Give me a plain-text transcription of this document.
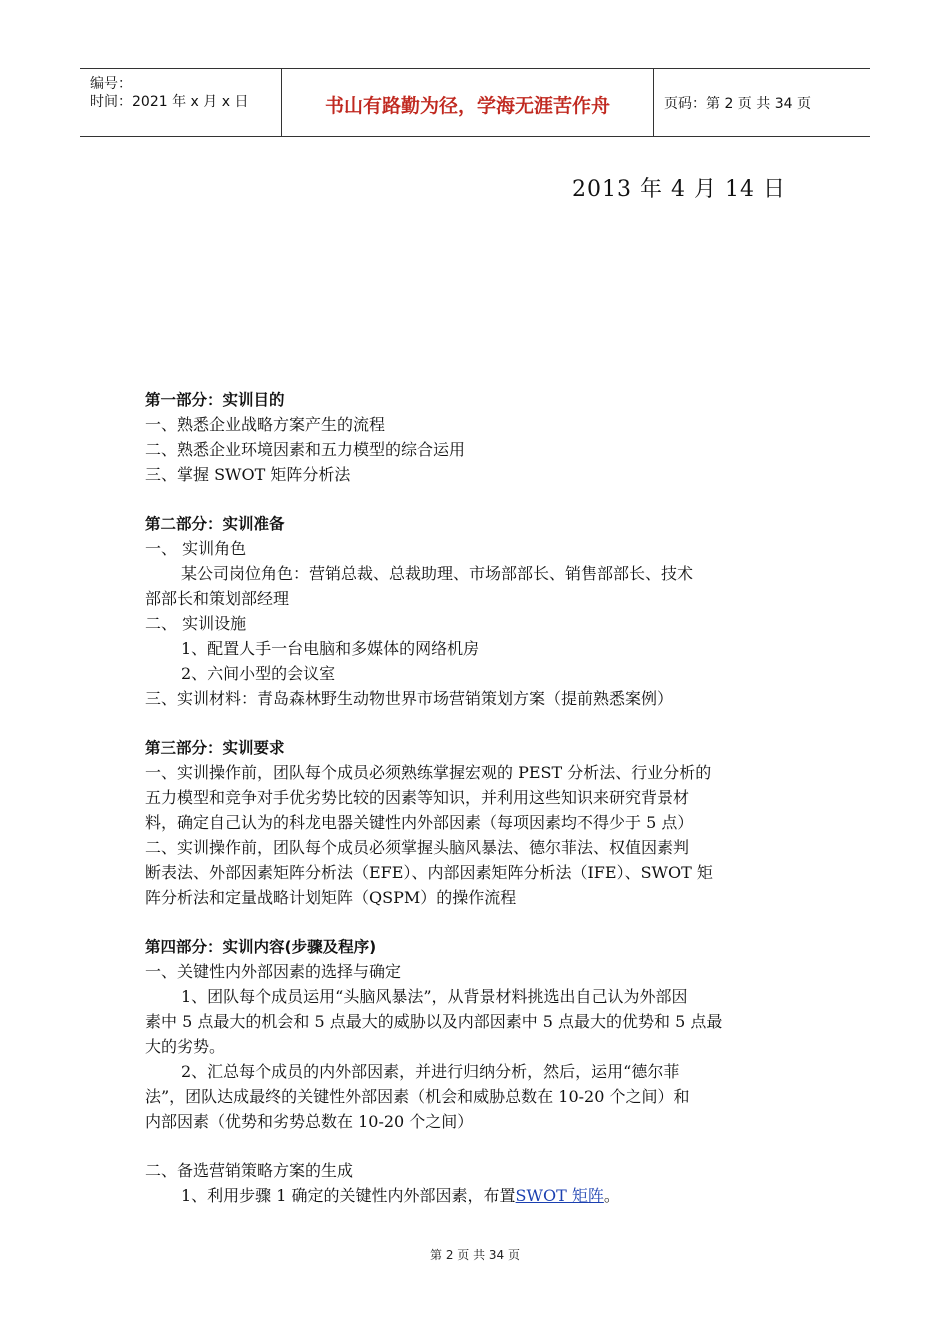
编号：
时间：2021 年 x 月 x 日	书山有路勤为径，学海无涯苦作舟	页码：第 2 页 共 34 页
2013 年 4 月 14 日
第一部分：实训目的
一、熟悉企业战略方案产生的流程
二、熟悉企业环境因素和五力模型的综合运用
三、掌握 SWOT 矩阵分析法
第二部分：实训准备
一、 实训角色
某公司岗位角色：营销总裁、总裁助理、市场部部长、销售部部长、技术
部部长和策划部经理
二、 实训设施
1、配置人手一台电脑和多媒体的网络机房
2、六间小型的会议室
三、实训材料：青岛森林野生动物世界市场营销策划方案（提前熟悉案例）
第三部分：实训要求
一、实训操作前，团队每个成员必须熟练掌握宏观的 PEST 分析法、行业分析的
五力模型和竞争对手优劣势比较的因素等知识，并利用这些知识来研究背景材
料，确定自己认为的科龙电器关键性内外部因素（每项因素均不得少于 5 点）
二、实训操作前，团队每个成员必须掌握头脑风暴法、德尔菲法、权值因素判
断表法、外部因素矩阵分析法（EFE）、内部因素矩阵分析法（IFE）、SWOT 矩
阵分析法和定量战略计划矩阵（QSPM）的操作流程
第四部分：实训内容(步骤及程序)
一、关键性内外部因素的选择与确定
1、团队每个成员运用“头脑风暴法”，从背景材料挑选出自己认为外部因
素中 5 点最大的机会和 5 点最大的威胁以及内部因素中 5 点最大的优势和 5 点最
大的劣势。
2、汇总每个成员的内外部因素，并进行归纳分析，然后，运用“德尔菲
法”，团队达成最终的关键性外部因素（机会和威胁总数在 10-20 个之间）和
内部因素（优势和劣势总数在 10-20 个之间）
二、备选营销策略方案的生成
1、利用步骤 1 确定的关键性内外部因素，布置SWOT 矩阵。
第 2 页 共 34 页
